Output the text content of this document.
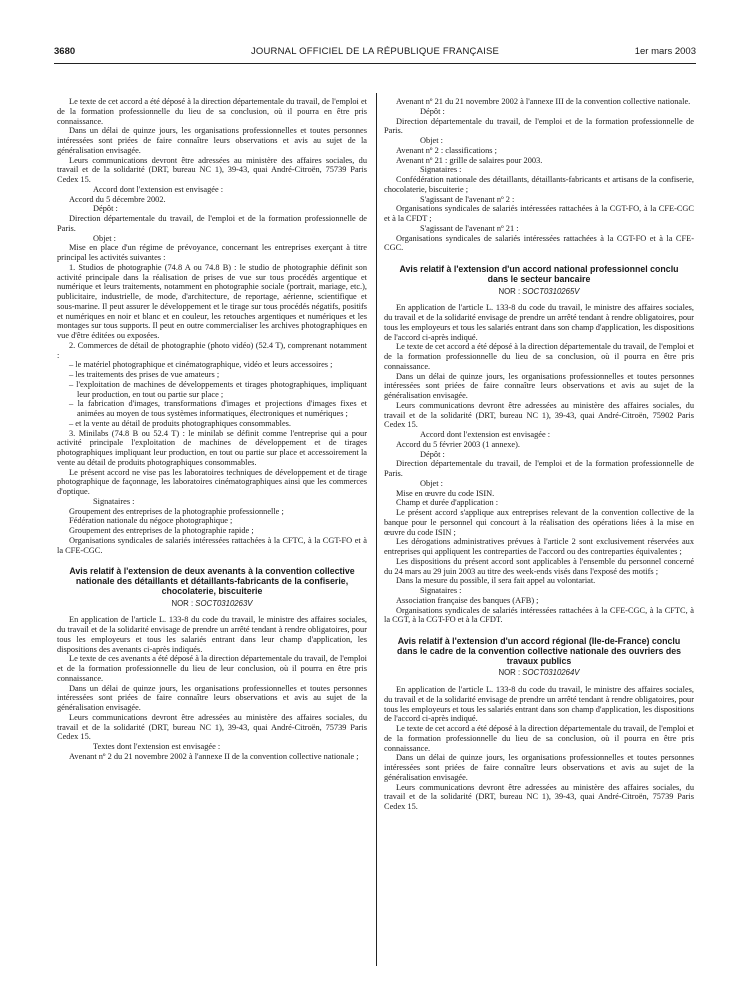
3680	JOURNAL OFFICIEL DE LA RÉPUBLIQUE FRANÇAISE	1er mars 2003

Le texte de cet accord a été déposé à la direction départementale du travail, de l'emploi et de la formation professionnelle du lieu de sa conclusion, où il pourra en être pris connaissance.

Dans un délai de quinze jours, les organisations professionnelles et toutes personnes intéressées sont priées de faire connaître leurs observations et avis au sujet de la généralisation envisagée.

Leurs communications devront être adressées au ministère des affaires sociales, du travail et de la solidarité (DRT, bureau NC 1), 39-43, quai André-Citroën, 75739 Paris Cedex 15.

Accord dont l'extension est envisagée :

Accord du 5 décembre 2002.

Dépôt :

Direction départementale du travail, de l'emploi et de la formation professionnelle de Paris.

Objet :

Mise en place d'un régime de prévoyance, concernant les entreprises exerçant à titre principal les activités suivantes :

1. Studios de photographie (74.8 A ou 74.8 B) : le studio de photographie définit son activité principale dans la réalisation de prises de vue sur tous procédés argentique et numérique et leurs traitements, notamment en photographie sociale (portrait, mariage, etc.), publicitaire, industrielle, de mode, d'architecture, de reportage, aérienne, scientifique et sous-marine. Il peut assurer le développement et le tirage sur tous procédés négatifs, positifs et numériques en noir et blanc et en couleur, les retouches argentiques et numériques et les montages sur tous supports. Il peut en outre commercialiser les archives photographiques en vue d'être éditées ou exposées.

2. Commerces de détail de photographie (photo vidéo) (52.4 T), comprenant notamment :

– le matériel photographique et cinématographique, vidéo et leurs accessoires ;

– les traitements des prises de vue amateurs ;

– l'exploitation de machines de développements et tirages photographiques, impliquant leur production, en tout ou partie sur place ;

– la fabrication d'images, transformations d'images et projections d'images fixes et animées au moyen de tous systèmes informatiques, électroniques et numériques ;

– et la vente au détail de produits photographiques consommables.

3. Minilabs (74.8 B ou 52.4 T) : le minilab se définit comme l'entreprise qui a pour activité principale l'exploitation de machines de développement et de tirages photographiques impliquant leur production, en tout ou partie sur place et accessoirement la vente au détail de produits photographiques consommables.

Le présent accord ne vise pas les laboratoires techniques de développement et de tirage photographique de façonnage, les laboratoires cinématographiques ainsi que les commerces d'optique.

Signataires :

Groupement des entreprises de la photographie professionnelle ;

Fédération nationale du négoce photographique ;

Groupement des entreprises de la photographie rapide ;

Organisations syndicales de salariés intéressées rattachées à la CFTC, à la CGT-FO et à la CFE-CGC.

Avis relatif à l'extension de deux avenants à la convention collective nationale des détaillants et détaillants-fabricants de la confiserie, chocolaterie, biscuiterie
NOR : SOCT0310263V

En application de l'article L. 133-8 du code du travail, le ministre des affaires sociales, du travail et de la solidarité envisage de prendre un arrêté tendant à rendre obligatoires, pour tous les employeurs et tous les salariés entrant dans leur champ d'application, les dispositions des avenants ci-après indiqués.

Le texte de ces avenants a été déposé à la direction départementale du travail, de l'emploi et de la formation professionnelle du lieu de leur conclusion, où il pourra en être pris connaissance.

Dans un délai de quinze jours, les organisations professionnelles et toutes personnes intéressées sont priées de faire connaître leurs observations et avis au sujet de la généralisation envisagée.

Leurs communications devront être adressées au ministère des affaires sociales, du travail et de la solidarité (DRT, bureau NC 1), 39-43, quai André-Citroën, 75739 Paris Cedex 15.

Textes dont l'extension est envisagée :

Avenant nº 2 du 21 novembre 2002 à l'annexe II de la convention collective nationale ;

Avenant nº 21 du 21 novembre 2002 à l'annexe III de la convention collective nationale.

Dépôt :

Direction départementale du travail, de l'emploi et de la formation professionnelle de Paris.

Objet :

Avenant nº 2 : classifications ;

Avenant nº 21 : grille de salaires pour 2003.

Signataires :

Confédération nationale des détaillants, détaillants-fabricants et artisans de la confiserie, chocolaterie, biscuiterie ;

S'agissant de l'avenant nº 2 :

Organisations syndicales de salariés intéressées rattachées à la CGT-FO, à la CFE-CGC et à la CFDT ;

S'agissant de l'avenant nº 21 :

Organisations syndicales de salariés intéressées rattachées à la CGT-FO et à la CFE-CGC.

Avis relatif à l'extension d'un accord national professionnel conclu dans le secteur bancaire
NOR : SOCT0310265V

En application de l'article L. 133-8 du code du travail, le ministre des affaires sociales, du travail et de la solidarité envisage de prendre un arrêté tendant à rendre obligatoires, pour tous les employeurs et tous les salariés entrant dans son champ d'application, les dispositions de l'accord ci-après indiqué.

Le texte de cet accord a été déposé à la direction départementale du travail, de l'emploi et de la formation professionnelle du lieu de sa conclusion, où il pourra en être pris connaissance.

Dans un délai de quinze jours, les organisations professionnelles et toutes personnes intéressées sont priées de faire connaître leurs observations et avis au sujet de la généralisation envisagée.

Leurs communications devront être adressées au ministère des affaires sociales, du travail et de la solidarité (DRT, bureau NC 1), 39-43, quai André-Citroën, 75902 Paris Cedex 15.

Accord dont l'extension est envisagée :

Accord du 5 février 2003 (1 annexe).

Dépôt :

Direction départementale du travail, de l'emploi et de la formation professionnelle de Paris.

Objet :

Mise en œuvre du code ISIN.

Champ et durée d'application :

Le présent accord s'applique aux entreprises relevant de la convention collective de la banque pour le personnel qui concourt à la réalisation des opérations liées à la mise en œuvre du code ISIN ;

Les dérogations administratives prévues à l'article 2 sont exclusivement réservées aux entreprises qui appliquent les contreparties de l'accord ou des contreparties équivalentes ;

Les dispositions du présent accord sont applicables à l'ensemble du personnel concerné du 24 mars au 29 juin 2003 au titre des week-ends visés dans l'exposé des motifs ;

Dans la mesure du possible, il sera fait appel au volontariat.

Signataires :

Association française des banques (AFB) ;

Organisations syndicales de salariés intéressées rattachées à la CFE-CGC, à la CFTC, à la CGT, à la CGT-FO et à la CFDT.

Avis relatif à l'extension d'un accord régional (Ile-de-France) conclu dans le cadre de la convention collective nationale des ouvriers des travaux publics
NOR : SOCT0310264V

En application de l'article L. 133-8 du code du travail, le ministre des affaires sociales, du travail et de la solidarité envisage de prendre un arrêté tendant à rendre obligatoires, pour tous les employeurs et tous les salariés entrant dans son champ d'application, les dispositions de l'accord ci-après indiqué.

Le texte de cet accord a été déposé à la direction départementale du travail, de l'emploi et de la formation professionnelle du lieu de sa conclusion, où il pourra en être pris connaissance.

Dans un délai de quinze jours, les organisations professionnelles et toutes personnes intéressées sont priées de faire connaître leurs observations et avis au sujet de la généralisation envisagée.

Leurs communications devront être adressées au ministère des affaires sociales, du travail et de la solidarité (DRT, bureau NC 1), 39-43, quai André-Citroën, 75739 Paris Cedex 15.
